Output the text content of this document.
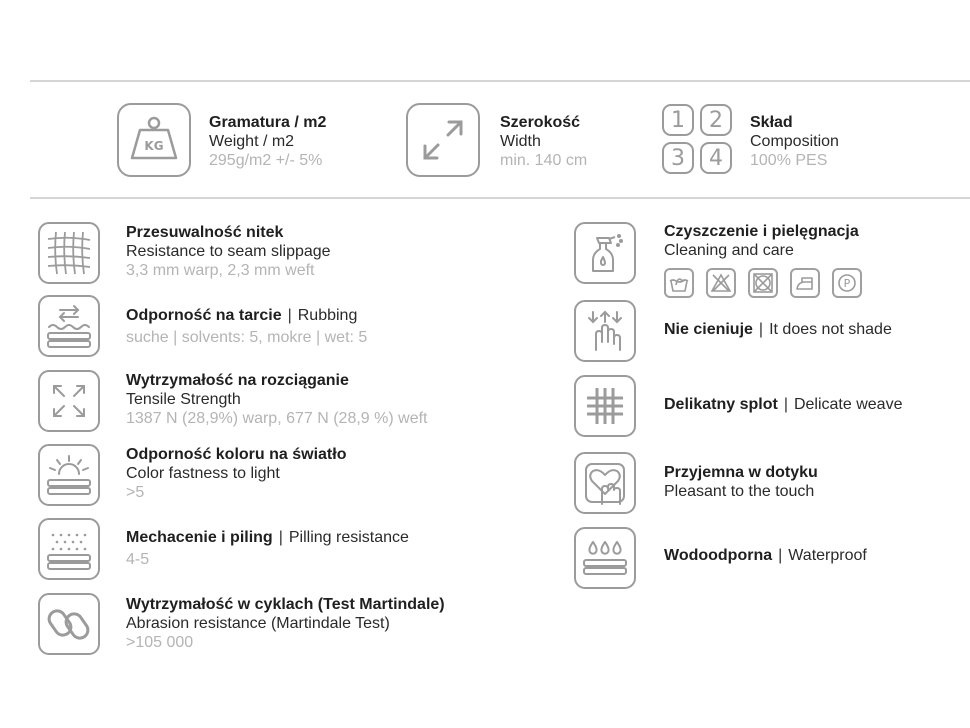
KG
Gramatura / m2
Weight / m2
295g/m2 +/- 5%
Szerokość
Width
min. 140 cm
1	2
3	4
Skład
Composition
100% PES
Przesuwalność nitek
Resistance to seam slippage
3,3 mm warp, 2,3 mm weft
Odporność na tarcie | Rubbing
suche | solvents: 5, mokre | wet: 5
Wytrzymałość na rozciąganie
Tensile Strength
1387 N (28,9%) warp, 677 N (28,9 %) weft
Odporność koloru na światło
Color fastness to light
>5
Mechacenie i piling | Pilling resistance
4-5
Wytrzymałość w cyklach (Test Martindale)
Abrasion resistance (Martindale Test)
>105 000
Czyszczenie i pielęgnacja
Cleaning and care
P
Nie cieniuje | It does not shade
Delikatny splot | Delicate weave
Przyjemna w dotyku
Pleasant to the touch
Wodoodporna | Waterproof
